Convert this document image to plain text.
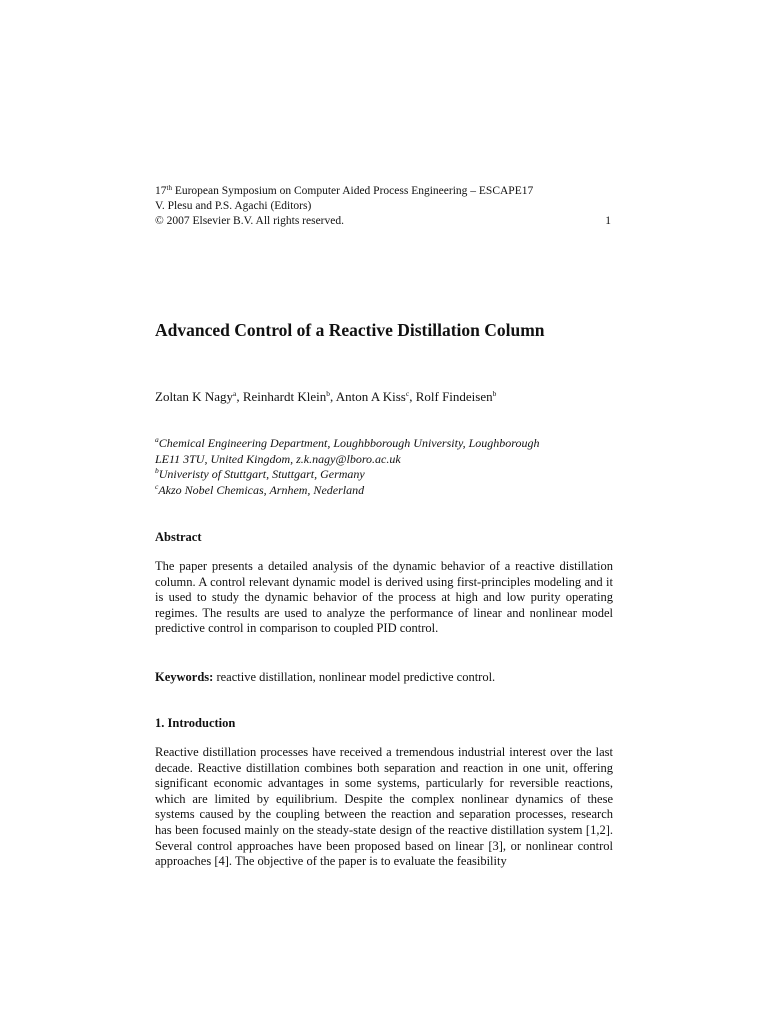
17th European Symposium on Computer Aided Process Engineering – ESCAPE17
V. Plesu and P.S. Agachi (Editors)
© 2007 Elsevier B.V. All rights reserved.	1
Advanced Control of a Reactive Distillation Column
Zoltan K Nagy$^a$, Reinhardt Klein$^b$, Anton A Kiss$^c$, Rolf Findeisen$^b$
$^a$Chemical Engineering Department, Loughbborough University, Loughborough
LE11 3TU, United Kingdom, z.k.nagy@lboro.ac.uk
$^b$Univeristy of Stuttgart, Stuttgart, Germany
$^c$Akzo Nobel Chemicas, Arnhem, Nederland
Abstract

The paper presents a detailed analysis of the dynamic behavior of a reactive distillation column. A control relevant dynamic model is derived using first-principles modeling and it is used to study the dynamic behavior of the process at high and low purity operating regimes. The results are used to analyze the performance of linear and nonlinear model predictive control in comparison to coupled PID control.

Keywords: reactive distillation, nonlinear model predictive control.
1. Introduction

Reactive distillation processes have received a tremendous industrial interest over the last decade. Reactive distillation combines both separation and reaction in one unit, offering significant economic advantages in some systems, particularly for reversible reactions, which are limited by equilibrium. Despite the complex nonlinear dynamics of these systems caused by the coupling between the reaction and separation processes, research has been focused mainly on the steady-state design of the reactive distillation system [1,2]. Several control approaches have been proposed based on linear [3], or nonlinear control approaches [4]. The objective of the paper is to evaluate the feasibility
